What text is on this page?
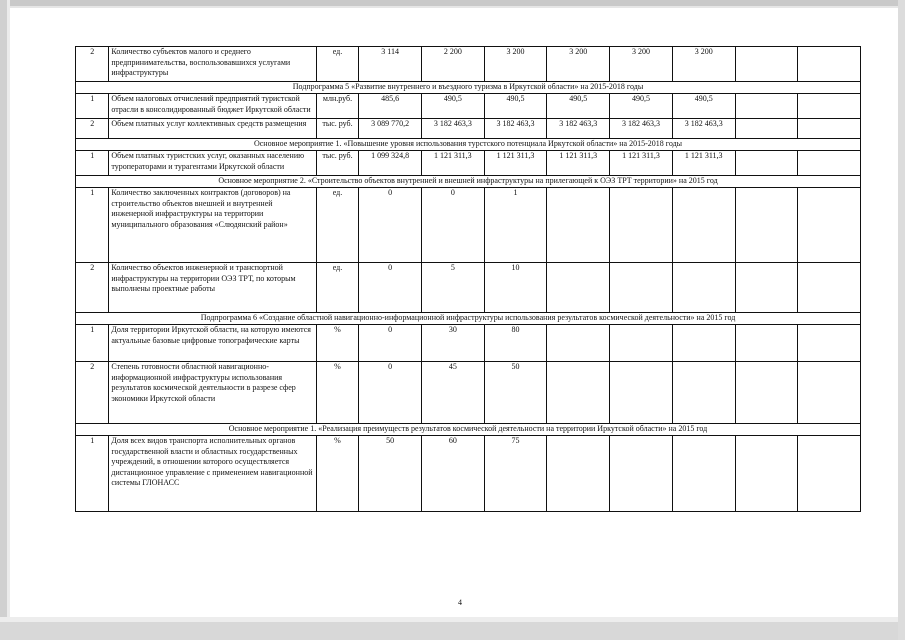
2	Количество субъектов малого и среднего предпринимательства, воспользовавшихся услугами инфраструктуры	ед.	3 114	2 200	3 200	3 200	3 200	3 200		
Подпрограмма 5 «Развитие внутреннего и въездного туризма в Иркутской области» на 2015-2018 годы										
1	Объем налоговых отчислений предприятий туристской отрасли в консолидированный бюджет Иркутской области	млн.руб.	485,6	490,5	490,5	490,5	490,5	490,5		
2	Объем платных услуг коллективных средств размещения	тыс. руб.	3 089 770,2	3 182 463,3	3 182 463,3	3 182 463,3	3 182 463,3	3 182 463,3		
Основное мероприятие 1. «Повышение уровня использования турстского потенциала Иркутской области» на 2015-2018 годы										
1	Объем платных туристских услуг, оказанных населению туроператорами и турагентами Иркутской области	тыс. руб.	1 099 324,8	1 121 311,3	1 121 311,3	1 121 311,3	1 121 311,3	1 121 311,3		
Основное мероприятие 2. «Строительство объектов внутренней и внешней инфраструктуры на прилегающей к ОЭЗ ТРТ территории» на 2015 год										
1	Количество заключенных контрактов (договоров) на строительство объектов внешней и внутренней инженерной инфраструктуры на территории муниципального образования «Слюдянский район»	ед.	0	0	1					
2	Количество объектов инженерной и транспортной инфраструктуры на территории ОЭЗ ТРТ, по которым выполнены проектные работы	ед.	0	5	10					
Подпрограмма 6 «Создание областной навигационно-информационной инфраструктуры использования результатов космической деятельности» на 2015 год										
1	Доля территории Иркутской области, на которую имеются актуальные базовые цифровые топографические карты	%	0	30	80					
2	Степень готовности областной навигационно-информационной инфраструктуры использования результатов космической деятельности в разрезе сфер экономики Иркутской области	%	0	45	50					
Основное мероприятие 1. «Реализация преимуществ результатов космической деятельности на территории Иркутской области» на 2015 год										
1	Доля всех видов транспорта исполнительных органов государственной власти и областных государственных учреждений, в отношении которого осуществляется дистанционное управление с применением навигационной системы ГЛОНАСС	%	50	60	75					
4
